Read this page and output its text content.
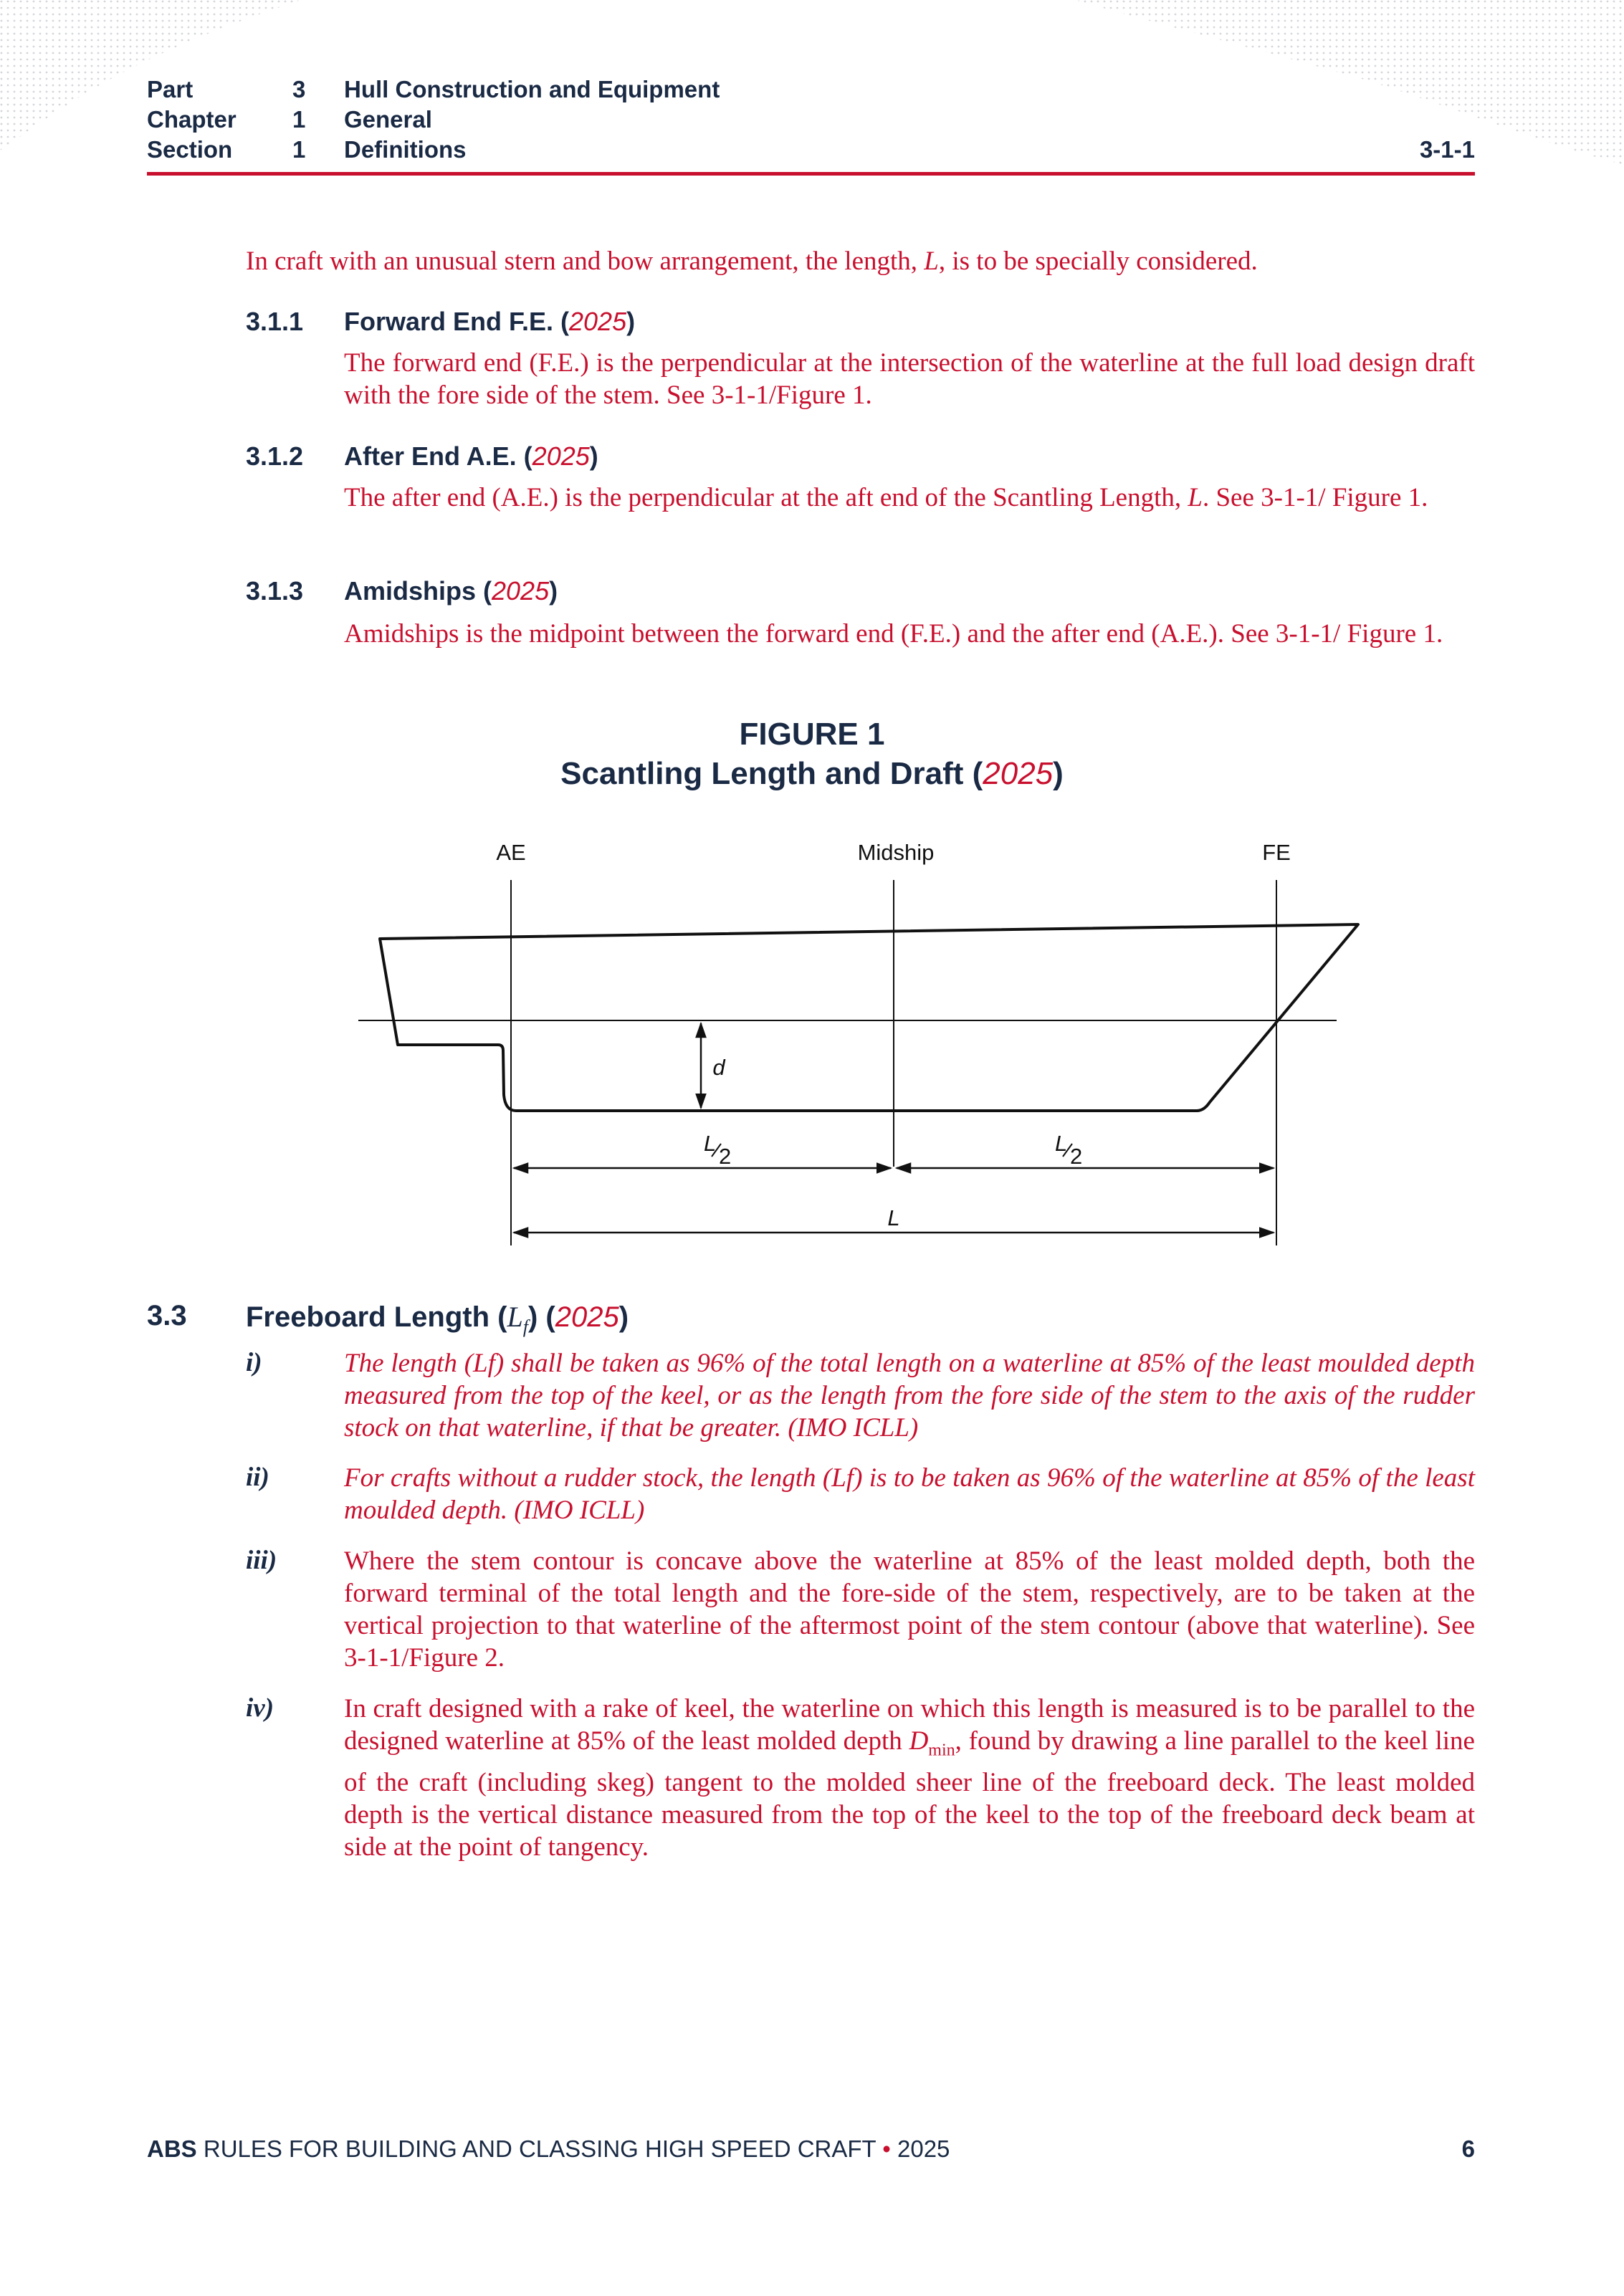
Part	3 Hull Construction and Equipment
Chapter 1 General
Section	1 Definitions	3-1-1
In craft with an unusual stern and bow arrangement, the length, L, is to be specially considered.
3.1.1 Forward End F.E. (2025)
The forward end (F.E.) is the perpendicular at the intersection of the waterline at the full load design draft with the fore side of the stem. See 3-1-1/Figure 1.
3.1.2 After End A.E. (2025)
The after end (A.E.) is the perpendicular at the aft end of the Scantling Length, L. See 3-1-1/ Figure 1.
3.1.3 Amidships (2025)
Amidships is the midpoint between the forward end (F.E.) and the after end (A.E.). See 3-1-1/ Figure 1.
FIGURE 1
Scantling Length and Draft (2025)
AE	Midship	FE
d
L
2
L
2
L
3.3 Freeboard Length $(L_f)$ (2025)
i)	The length (Lf) shall be taken as 96% of the total length on a waterline at 85% of the least moulded depth measured from the top of the keel, or as the length from the fore side of the stem to the axis of the rudder stock on that waterline, if that be greater. (IMO ICLL)
ii)	For crafts without a rudder stock, the length (Lf) is to be taken as 96% of the waterline at 85% of the least moulded depth. (IMO ICLL)
iii)	Where the stem contour is concave above the waterline at 85% of the least molded depth, both the forward terminal of the total length and the fore-side of the stem, respectively, are to be taken at the vertical projection to that waterline of the aftermost point of the stem contour (above that waterline). See 3-1-1/Figure 2.
iv)	In craft designed with a rake of keel, the waterline on which this length is measured is to be parallel to the designed waterline at 85% of the least molded depth $D_{min}$, found by drawing a line parallel to the keel line of the craft (including skeg) tangent to the molded sheer line of the freeboard deck. The least molded depth is the vertical distance measured from the top of the keel to the top of the freeboard deck beam at side at the point of tangency.
ABS RULES FOR BUILDING AND CLASSING HIGH SPEED CRAFT • 2025	6
